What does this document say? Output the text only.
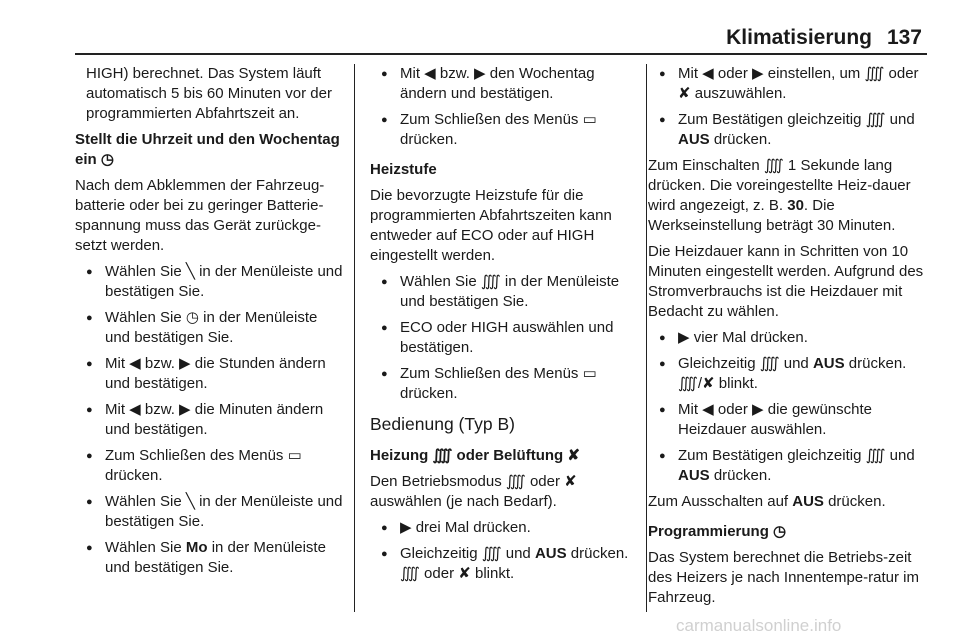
Klimatisierung 137

HIGH) berechnet. Das System läuft automatisch 5 bis 60 Minuten vor der programmierten Abfahrtszeit an.

Stellt die Uhrzeit und den Wochentag ein ◷

Nach dem Abklemmen der Fahrzeug-batterie oder bei zu geringer Batterie-spannung muss das Gerät zurückge-setzt werden.

● Wählen Sie ╲ in der Menüleiste und bestätigen Sie.
● Wählen Sie ◷ in der Menüleiste und bestätigen Sie.
● Mit ◀ bzw. ▶ die Stunden ändern und bestätigen.
● Mit ◀ bzw. ▶ die Minuten ändern und bestätigen.
● Zum Schließen des Menüs ▭ drücken.
● Wählen Sie ╲ in der Menüleiste und bestätigen Sie.
● Wählen Sie Mo in der Menüleiste und bestätigen Sie.
● Mit ◀ bzw. ▶ den Wochentag ändern und bestätigen.
● Zum Schließen des Menüs ▭ drücken.

Heizstufe

Die bevorzugte Heizstufe für die programmierten Abfahrtszeiten kann entweder auf ECO oder auf HIGH eingestellt werden.

● Wählen Sie ⨌ in der Menüleiste und bestätigen Sie.
● ECO oder HIGH auswählen und bestätigen.
● Zum Schließen des Menüs ▭ drücken.

Bedienung (Typ B)

Heizung ⨌ oder Belüftung ✘

Den Betriebsmodus ⨌ oder ✘ auswählen (je nach Bedarf).

● ▶ drei Mal drücken.
● Gleichzeitig ⨌ und AUS drücken. ⨌ oder ✘ blinkt.
● Mit ◀ oder ▶ einstellen, um ⨌ oder ✘ auszuwählen.
● Zum Bestätigen gleichzeitig ⨌ und AUS drücken.

Zum Einschalten ⨌ 1 Sekunde lang drücken. Die voreingestellte Heiz-dauer wird angezeigt, z. B. 30. Die Werkseinstellung beträgt 30 Minuten.

Die Heizdauer kann in Schritten von 10 Minuten eingestellt werden. Aufgrund des Stromverbrauchs ist die Heizdauer mit Bedacht zu wählen.

● ▶ vier Mal drücken.
● Gleichzeitig ⨌ und AUS drücken. ⨌/✘ blinkt.
● Mit ◀ oder ▶ die gewünschte Heizdauer auswählen.
● Zum Bestätigen gleichzeitig ⨌ und AUS drücken.

Zum Ausschalten auf AUS drücken.

Programmierung ◷

Das System berechnet die Betriebs-zeit des Heizers je nach Innentempe-ratur im Fahrzeug.

carmanualsonline.info
